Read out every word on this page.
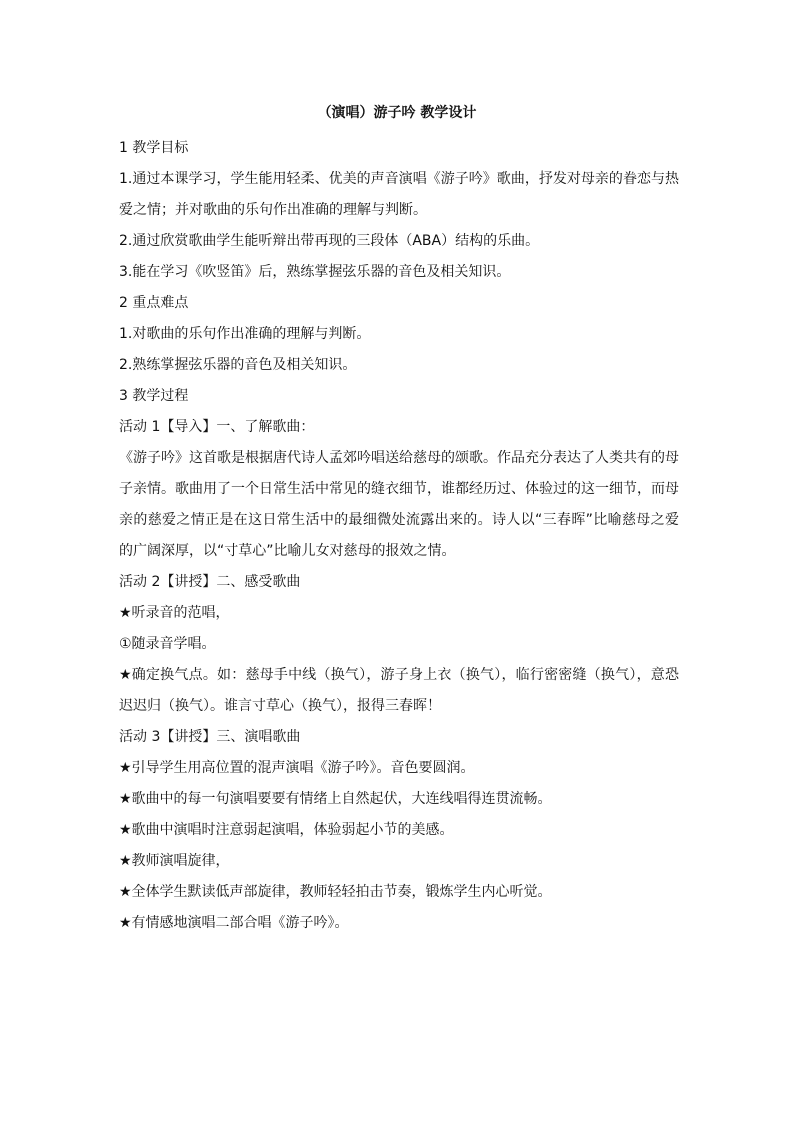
（演唱）游子吟 教学设计

1 教学目标

1.通过本课学习，学生能用轻柔、优美的声音演唱《游子吟》歌曲，抒发对母亲的眷恋与热爱之情；并对歌曲的乐句作出准确的理解与判断。

2.通过欣赏歌曲学生能听辩出带再现的三段体（ABA）结构的乐曲。

3.能在学习《吹竖笛》后，熟练掌握弦乐器的音色及相关知识。

2 重点难点

1.对歌曲的乐句作出准确的理解与判断。

2.熟练掌握弦乐器的音色及相关知识。

3 教学过程

活动 1【导入】一、了解歌曲：

《游子吟》这首歌是根据唐代诗人孟郊吟唱送给慈母的颂歌。作品充分表达了人类共有的母子亲情。歌曲用了一个日常生活中常见的缝衣细节，谁都经历过、体验过的这一细节，而母亲的慈爱之情正是在这日常生活中的最细微处流露出来的。诗人以“三春晖”比喻慈母之爱的广阔深厚，以“寸草心”比喻儿女对慈母的报效之情。

活动 2【讲授】二、感受歌曲

★听录音的范唱，

①随录音学唱。

★确定换气点。如：慈母手中线（换气），游子身上衣（换气），临行密密缝（换气），意恐迟迟归（换气）。谁言寸草心（换气），报得三春晖！

活动 3【讲授】三、演唱歌曲

★引导学生用高位置的混声演唱《游子吟》。音色要圆润。

★歌曲中的每一句演唱要要有情绪上自然起伏，大连线唱得连贯流畅。

★歌曲中演唱时注意弱起演唱，体验弱起小节的美感。

★教师演唱旋律，

★全体学生默读低声部旋律，教师轻轻拍击节奏，锻炼学生内心听觉。

★有情感地演唱二部合唱《游子吟》。
